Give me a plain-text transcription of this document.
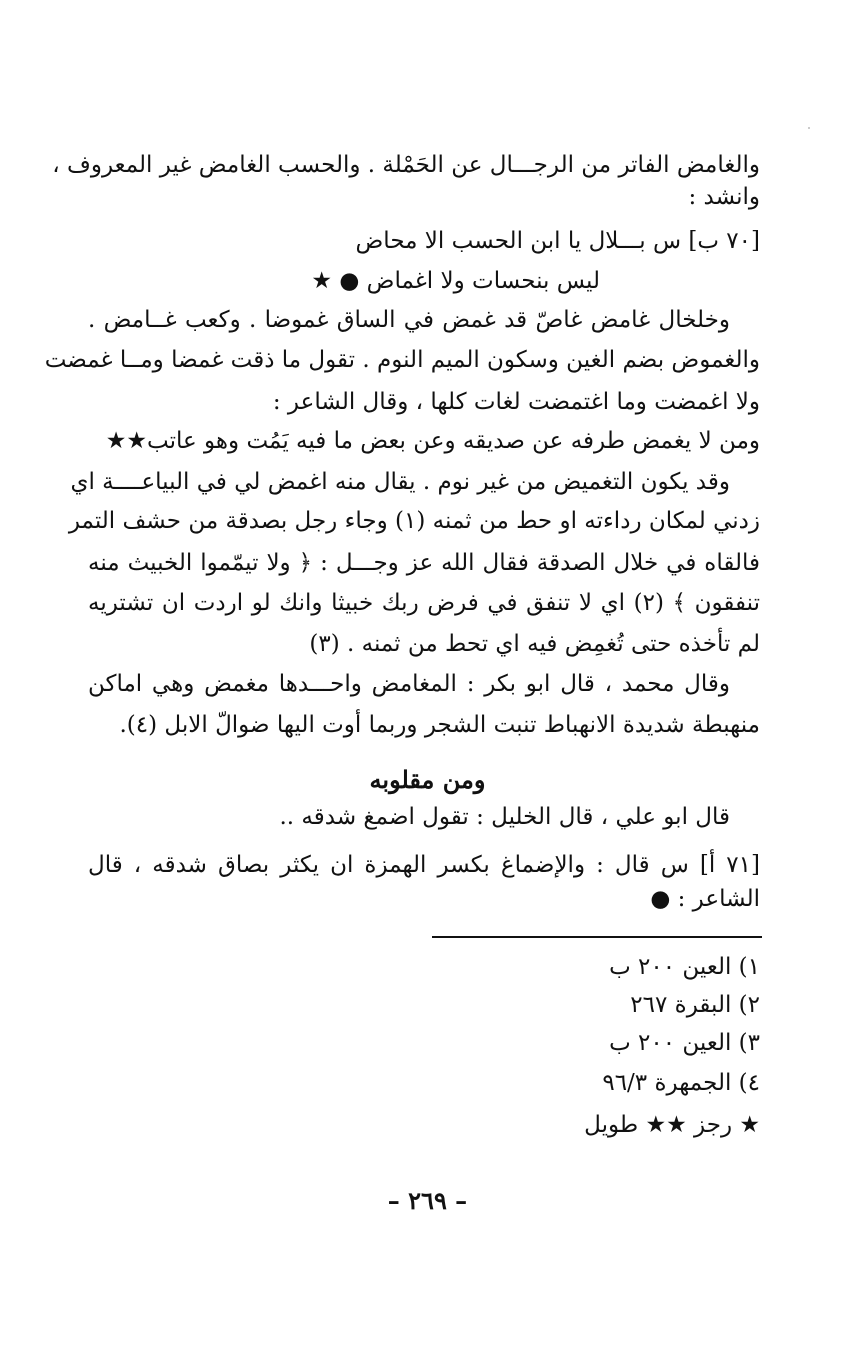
والغامض الفاتر من الرجـــال عن الحَمْلة . والحسب الغامض غير المعروف ،
وانشد :
[٧٠ ب] س بـــلال يا ابن الحسب الا محاض
ليس بنحسات ولا اغماض ● ★
وخلخال غامض غاصّ قد غمض في الساق غموضا . وكعب غــامض .
والغموض بضم الغين وسكون الميم النوم . تقول ما ذقت غمضا ومــا غمضت
ولا اغمضت وما اغتمضت لغات كلها ، وقال الشاعر :
ومن لا يغمض طرفه عن صديقه وعن بعض ما فيه يَمُت وهو عاتب★★
وقد يكون التغميض من غير نوم . يقال منه اغمض لي في البياعــــة اي
زدني لمكان رداءته او حط من ثمنه (١) وجاء رجل بصدقة من حشف التمر
فالقاه في خلال الصدقة فقال الله عز وجـــل : ﴿ ولا تيمّموا الخبيث منه
تنفقون ﴾ (٢) اي لا تنفق في فرض ربك خبيثا وانك لو اردت ان تشتريه
لم تأخذه حتى تُغمِض فيه اي تحط من ثمنه . (٣)
وقال محمد ، قال ابو بكر : المغامض واحـــدها مغمض وهي اماكن
منهبطة شديدة الانهباط تنبت الشجر وربما أوت اليها ضوالّ الابل (٤).
ومن مقلوبه
قال ابو علي ، قال الخليل : تقول اضمغ شدقه ..
[٧١ أ] س قال : والإضماغ بكسر الهمزة ان يكثر بصاق شدقه ، قال
الشاعر : ●
١) العين ٢٠٠ ب
٢) البقرة ٢٦٧
٣) العين ٢٠٠ ب
٤) الجمهرة ٩٦/٣
★ رجز ★★ طويل
– ٢٦٩ –
